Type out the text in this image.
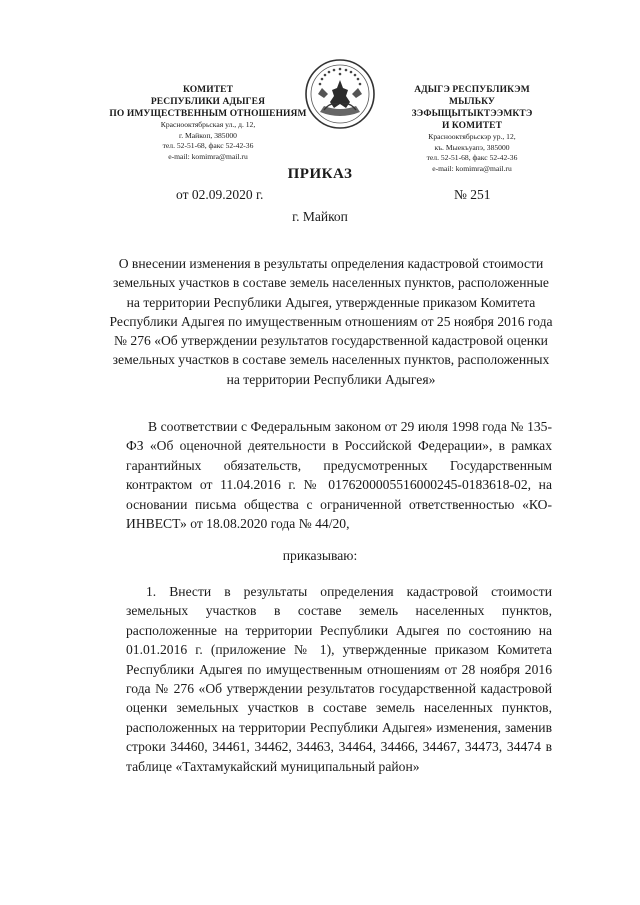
КОМИТЕТ
РЕСПУБЛИКИ АДЫГЕЯ
ПО ИМУЩЕСТВЕННЫМ ОТНОШЕНИЯМ
Краснооктябрьская ул., д. 12,
г. Майкоп, 385000
тел. 52-51-68, факс 52-42-36
e-mail: komimra@mail.ru
АДЫГЭ РЕСПУБЛИКЭМ
МЫЛЬКУ ЗЭФЫЩЫТЫКТЭЭМКТЭ
И КОМИТЕТ
Краснооктябрьскэр ур., 12,
къ. Мыекъуапэ, 385000
тел. 52-51-68, факс 52-42-36
e-mail: komimra@mail.ru
ПРИКАЗ
от 02.09.2020 г.	№ 251
г. Майкоп
О внесении изменения в результаты определения кадастровой стоимости земельных участков в составе земель населенных пунктов, расположенные на территории Республики Адыгея, утвержденные приказом Комитета Республики Адыгея по имущественным отношениям от 25 ноября 2016 года № 276 «Об утверждении результатов государственной кадастровой оценки земельных участков в составе земель населенных пунктов, расположенных на территории Республики Адыгея»
В соответствии с Федеральным законом от 29 июля 1998 года № 135-ФЗ «Об оценочной деятельности в Российской Федерации», в рамках гарантийных обязательств, предусмотренных Государственным контрактом от 11.04.2016 г. № 0176200005516000245-0183618-02, на основании письма общества с ограниченной ответственностью «КО-ИНВЕСТ» от 18.08.2020 года № 44/20,
приказываю:
1. Внести в результаты определения кадастровой стоимости земельных участков в составе земель населенных пунктов, расположенные на территории Республики Адыгея по состоянию на 01.01.2016 г. (приложение № 1), утвержденные приказом Комитета Республики Адыгея по имущественным отношениям от 28 ноября 2016 года № 276 «Об утверждении результатов государственной кадастровой оценки земельных участков в составе земель населенных пунктов, расположенных на территории Республики Адыгея» изменения, заменив строки 34460, 34461, 34462, 34463, 34464, 34466, 34467, 34473, 34474 в таблице «Тахтамукайский муниципальный район»
